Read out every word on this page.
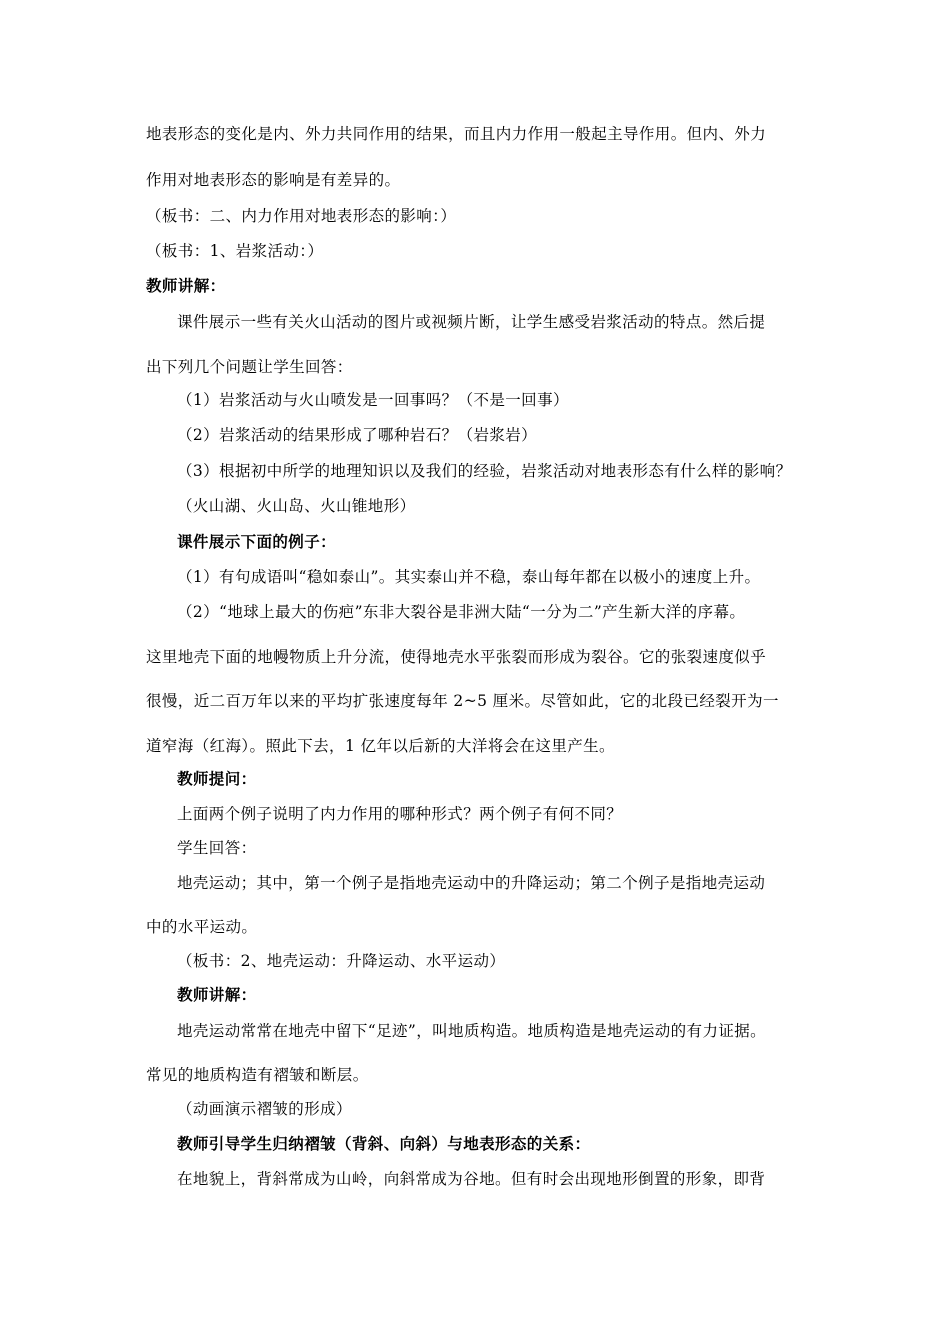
地表形态的变化是内、外力共同作用的结果，而且内力作用一般起主导作用。但内、外力
作用对地表形态的影响是有差异的。
（板书：二、内力作用对地表形态的影响：）
（板书：1、岩浆活动：）
教师讲解：
课件展示一些有关火山活动的图片或视频片断，让学生感受岩浆活动的特点。然后提
出下列几个问题让学生回答：
（1）岩浆活动与火山喷发是一回事吗？（不是一回事）
（2）岩浆活动的结果形成了哪种岩石？（岩浆岩）
（3）根据初中所学的地理知识以及我们的经验，岩浆活动对地表形态有什么样的影响？
（火山湖、火山岛、火山锥地形）
课件展示下面的例子：
（1）有句成语叫“稳如泰山”。其实泰山并不稳，泰山每年都在以极小的速度上升。
（2）“地球上最大的伤疤”东非大裂谷是非洲大陆“一分为二”产生新大洋的序幕。
这里地壳下面的地幔物质上升分流，使得地壳水平张裂而形成为裂谷。它的张裂速度似乎
很慢，近二百万年以来的平均扩张速度每年 2~5 厘米。尽管如此，它的北段已经裂开为一
道窄海（红海）。照此下去，1 亿年以后新的大洋将会在这里产生。
教师提问：
上面两个例子说明了内力作用的哪种形式？两个例子有何不同？
学生回答：
地壳运动；其中，第一个例子是指地壳运动中的升降运动；第二个例子是指地壳运动
中的水平运动。
（板书：2、地壳运动：升降运动、水平运动）
教师讲解：
地壳运动常常在地壳中留下“足迹”，叫地质构造。地质构造是地壳运动的有力证据。
常见的地质构造有褶皱和断层。
（动画演示褶皱的形成）
教师引导学生归纳褶皱（背斜、向斜）与地表形态的关系：
在地貌上，背斜常成为山岭，向斜常成为谷地。但有时会出现地形倒置的形象，即背
